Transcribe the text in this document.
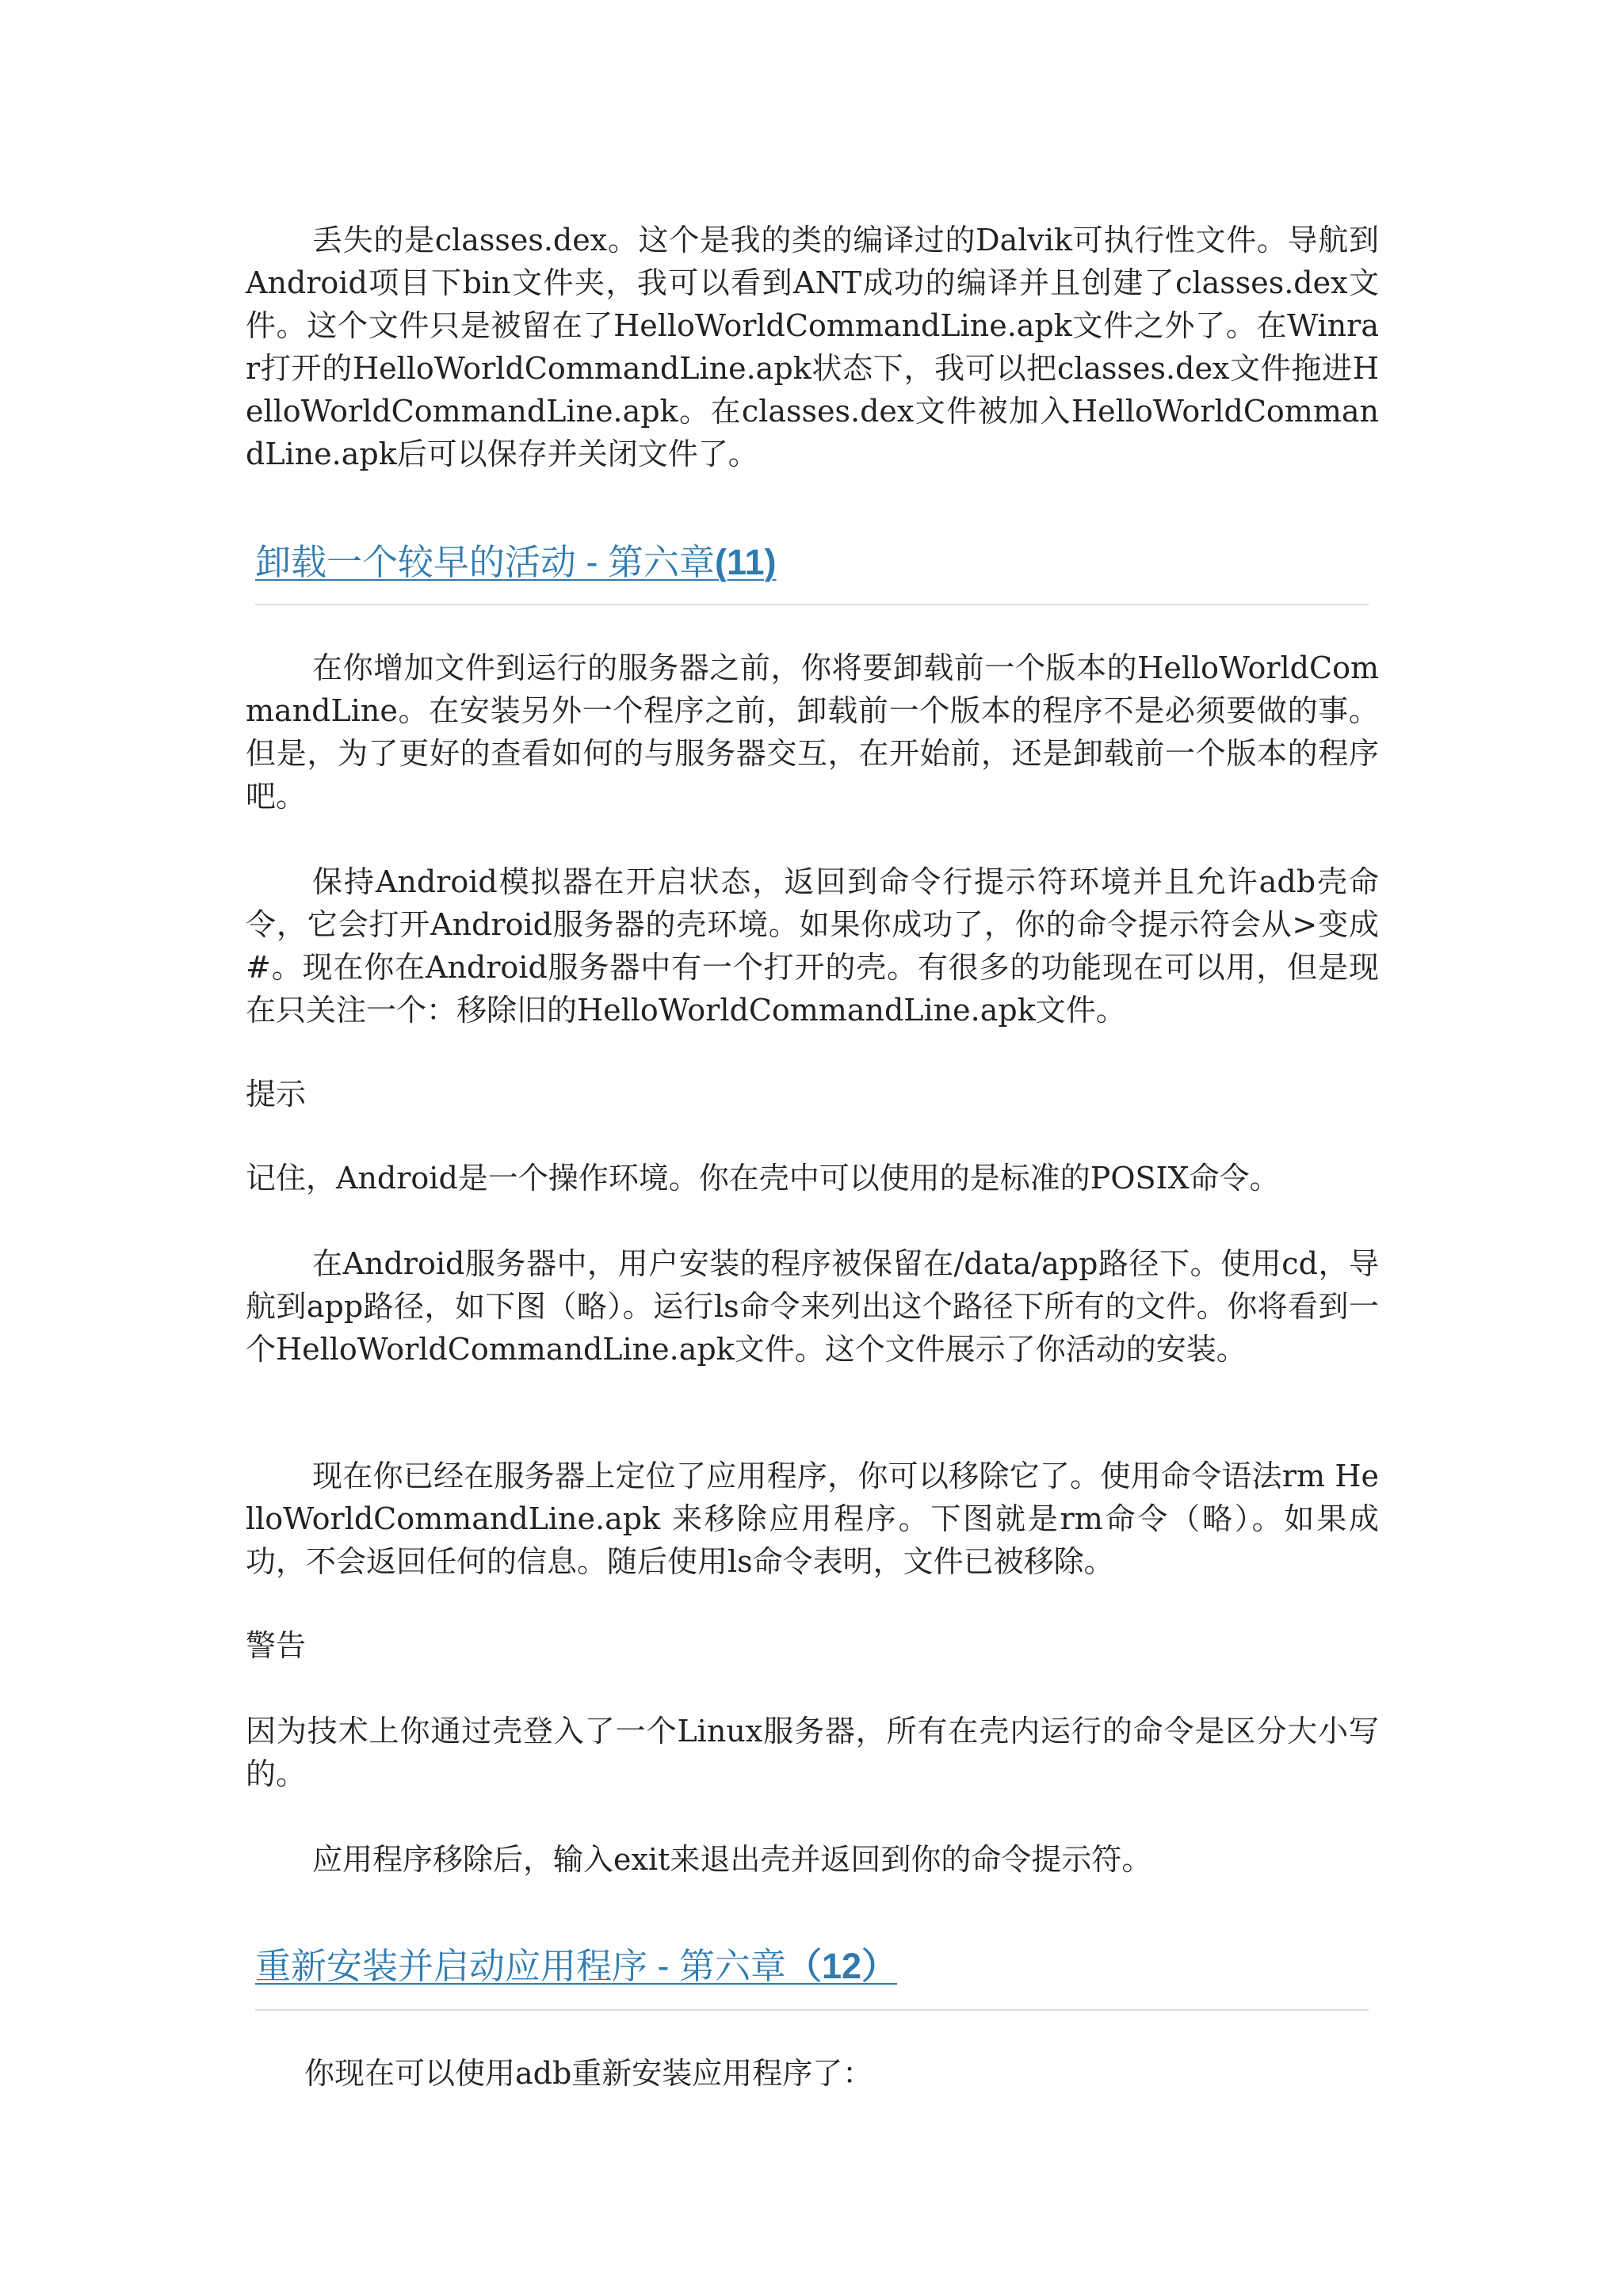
丢失的是classes.dex。这个是我的类的编译过的Dalvik可执行性文件。导航到Android项目下bin文件夹，我可以看到ANT成功的编译并且创建了classes.dex文件。这个文件只是被留在了HelloWorldCommandLine.apk文件之外了。在Winrar打开的HelloWorldCommandLine.apk状态下，我可以把classes.dex文件拖进HelloWorldCommandLine.apk。在classes.dex文件被加入HelloWorldCommandLine.apk后可以保存并关闭文件了。

卸载一个较早的活动 - 第六章(11)

在你增加文件到运行的服务器之前，你将要卸载前一个版本的HelloWorldCommandLine。在安装另外一个程序之前，卸载前一个版本的程序不是必须要做的事。但是，为了更好的查看如何的与服务器交互，在开始前，还是卸载前一个版本的程序吧。

保持Android模拟器在开启状态，返回到命令行提示符环境并且允许adb壳命令，它会打开Android服务器的壳环境。如果你成功了，你的命令提示符会从>变成#。现在你在Android服务器中有一个打开的壳。有很多的功能现在可以用，但是现在只关注一个：移除旧的HelloWorldCommandLine.apk文件。

提示

记住，Android是一个操作环境。你在壳中可以使用的是标准的POSIX命令。

在Android服务器中，用户安装的程序被保留在/data/app路径下。使用cd，导航到app路径，如下图（略）。运行ls命令来列出这个路径下所有的文件。你将看到一个HelloWorldCommandLine.apk文件。这个文件展示了你活动的安装。

现在你已经在服务器上定位了应用程序，你可以移除它了。使用命令语法rm HelloWorldCommandLine.apk 来移除应用程序。下图就是rm命令（略）。如果成功，不会返回任何的信息。随后使用ls命令表明，文件已被移除。

警告

因为技术上你通过壳登入了一个Linux服务器，所有在壳内运行的命令是区分大小写的。

应用程序移除后，输入exit来退出壳并返回到你的命令提示符。

重新安装并启动应用程序 - 第六章（12）

你现在可以使用adb重新安装应用程序了：
